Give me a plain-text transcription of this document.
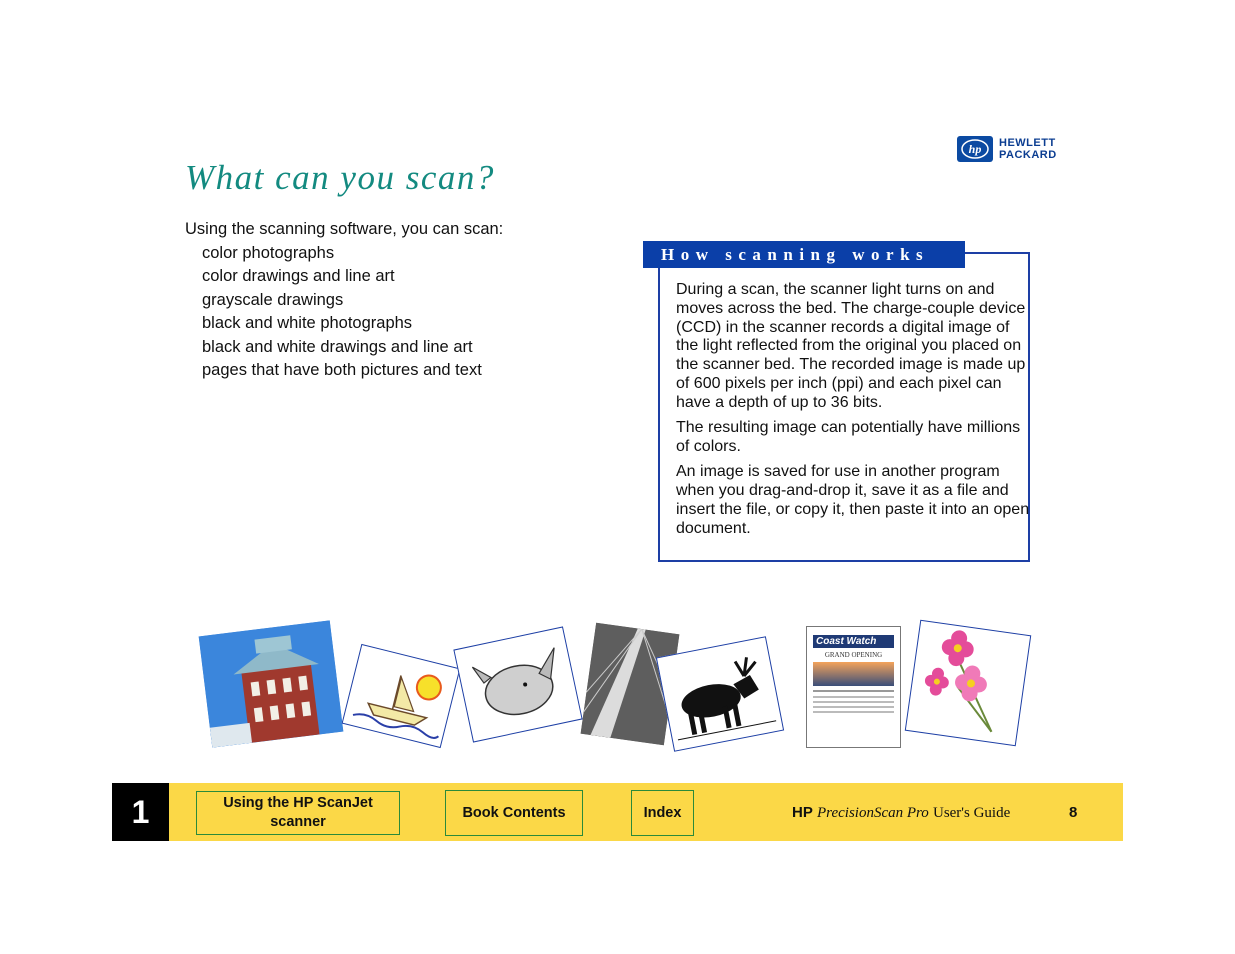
hp HEWLETT
PACKARD
What can you scan?
Using the scanning software, you can scan:
color photographs
color drawings and line art
grayscale drawings
black and white photographs
black and white drawings and line art
pages that have both pictures and text
How scanning works

During a scan, the scanner light turns on and moves across the bed. The charge-couple device (CCD) in the scanner records a digital image of the light reflected from the original you placed on the scanner bed. The recorded image is made up of 600 pixels per inch (ppi) and each pixel can have a depth of up to 36 bits.

The resulting image can potentially have millions of colors.

An image is saved for use in another program when you drag-and-drop it, save it as a file and insert the file, or copy it, then paste it into an open document.

Coast Watch
GRAND OPENING
1	Using the HP ScanJet scanner
Book Contents	Index	HP PrecisionScan Pro User's Guide	8
